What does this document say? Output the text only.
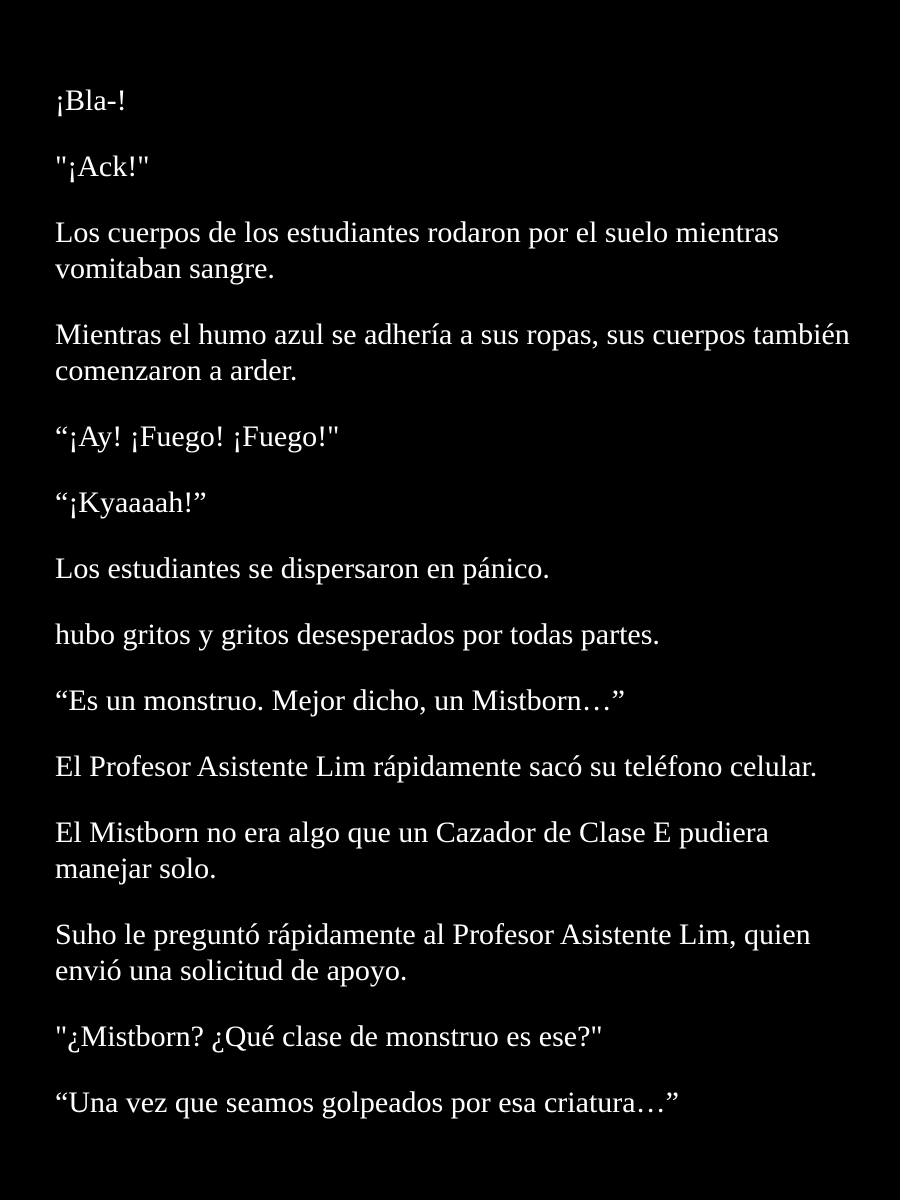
¡Bla-!

"¡Ack!"

Los cuerpos de los estudiantes rodaron por el suelo mientras vomitaban sangre.

Mientras el humo azul se adhería a sus ropas, sus cuerpos también comenzaron a arder.

“¡Ay! ¡Fuego! ¡Fuego!"

“¡Kyaaaah!”

Los estudiantes se dispersaron en pánico.

hubo gritos y gritos desesperados por todas partes.

“Es un monstruo. Mejor dicho, un Mistborn…”

El Profesor Asistente Lim rápidamente sacó su teléfono celular.

El Mistborn no era algo que un Cazador de Clase E pudiera manejar solo.

Suho le preguntó rápidamente al Profesor Asistente Lim, quien envió una solicitud de apoyo.

"¿Mistborn? ¿Qué clase de monstruo es ese?"

“Una vez que seamos golpeados por esa criatura…”
